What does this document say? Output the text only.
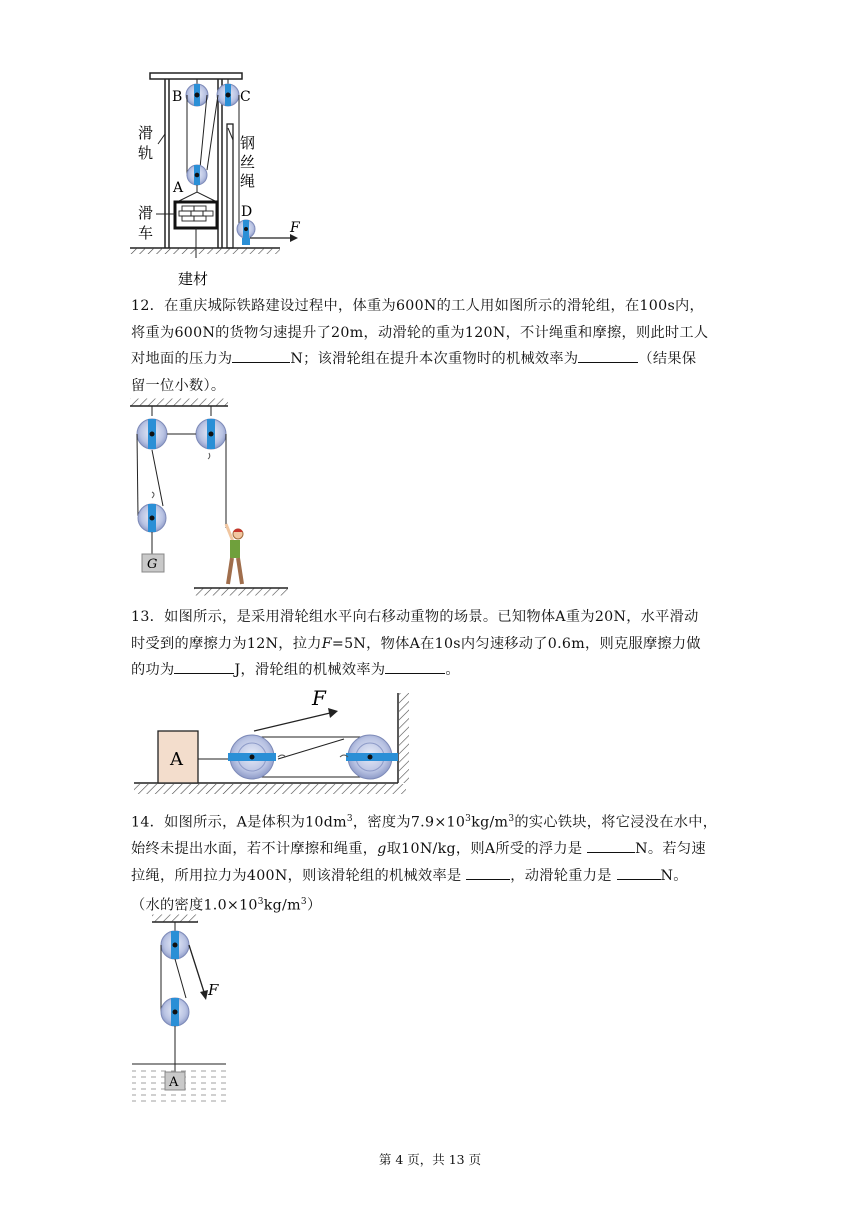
B	C
A
D
F
滑
轨
滑
车
钢
丝
绳
建材
12．在重庆城际铁路建设过程中，体重为600N的工人用如图所示的滑轮组，在100s内，
将重为600N的货物匀速提升了20m，动滑轮的重为120N，不计绳重和摩擦，则此时工人
对地面的压力为	N；该滑轮组在提升本次重物时的机械效率为	（结果保
留一位小数）。
G
13．如图所示，是采用滑轮组水平向右移动重物的场景。已知物体A重为20N，水平滑动
时受到的摩擦力为12N，拉力F=5N，物体A在10s内匀速移动了0.6m，则克服摩擦力做
的功为	J，滑轮组的机械效率为	。
A
F
14．如图所示，A是体积为$10dm^3$，密度为$7.9\times 10^3kg/m^3$的实心铁块，将它浸没在水中，
始终未提出水面，若不计摩擦和绳重，g取10N/kg，则A所受的浮力是	N。若匀速
拉绳，所用拉力为400N，则该滑轮组的机械效率是	，动滑轮重力是	N。
（水的密度$1.0\times 10^3kg/m^3$）
F
A
第 4 页，共 13 页
